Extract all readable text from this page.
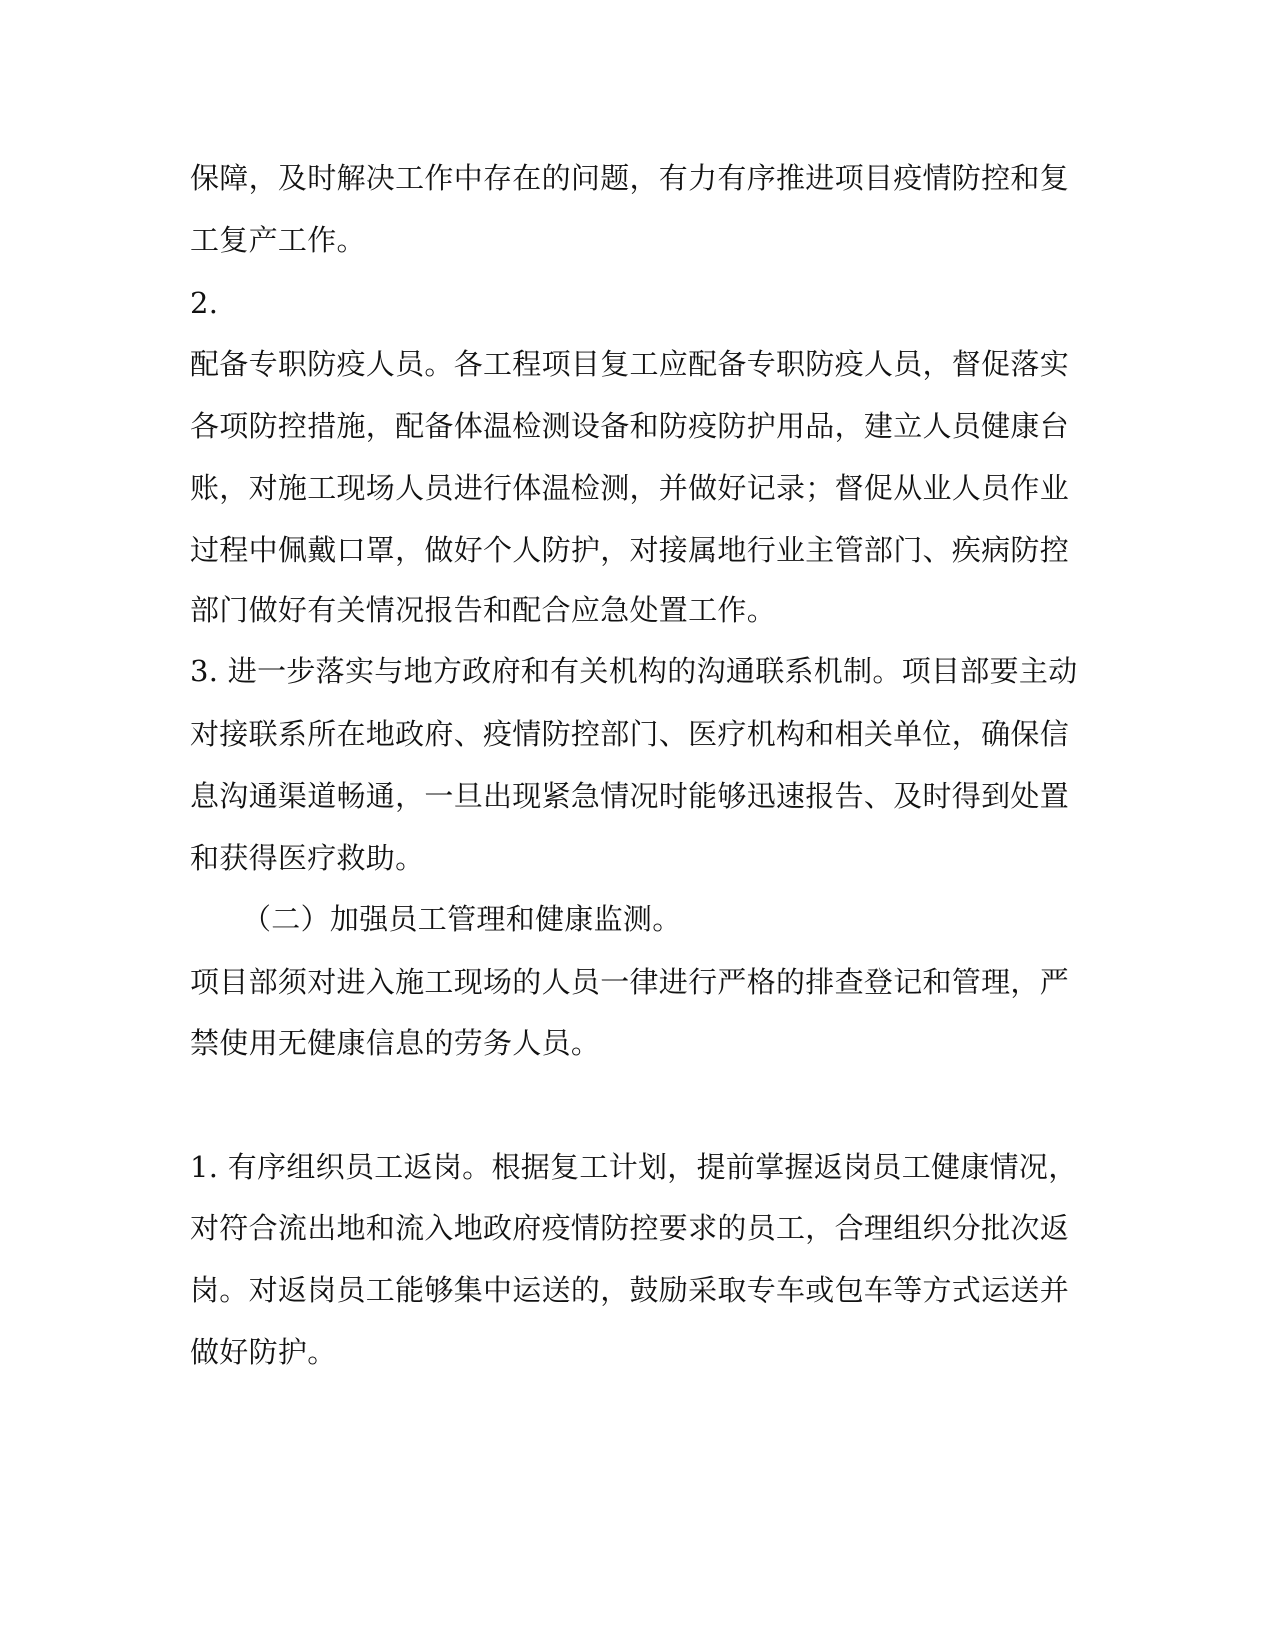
保障，及时解决工作中存在的问题，有力有序推进项目疫情防控和复

工复产工作。

2.

配备专职防疫人员。各工程项目复工应配备专职防疫人员，督促落实

各项防控措施，配备体温检测设备和防疫防护用品，建立人员健康台

账，对施工现场人员进行体温检测，并做好记录；督促从业人员作业

过程中佩戴口罩，做好个人防护，对接属地行业主管部门、疾病防控

部门做好有关情况报告和配合应急处置工作。

3. 进一步落实与地方政府和有关机构的沟通联系机制。项目部要主动

对接联系所在地政府、疫情防控部门、医疗机构和相关单位，确保信

息沟通渠道畅通，一旦出现紧急情况时能够迅速报告、及时得到处置

和获得医疗救助。

（二）加强员工管理和健康监测。

项目部须对进入施工现场的人员一律进行严格的排查登记和管理，严

禁使用无健康信息的劳务人员。

1. 有序组织员工返岗。根据复工计划，提前掌握返岗员工健康情况，

对符合流出地和流入地政府疫情防控要求的员工，合理组织分批次返

岗。对返岗员工能够集中运送的，鼓励采取专车或包车等方式运送并

做好防护。
